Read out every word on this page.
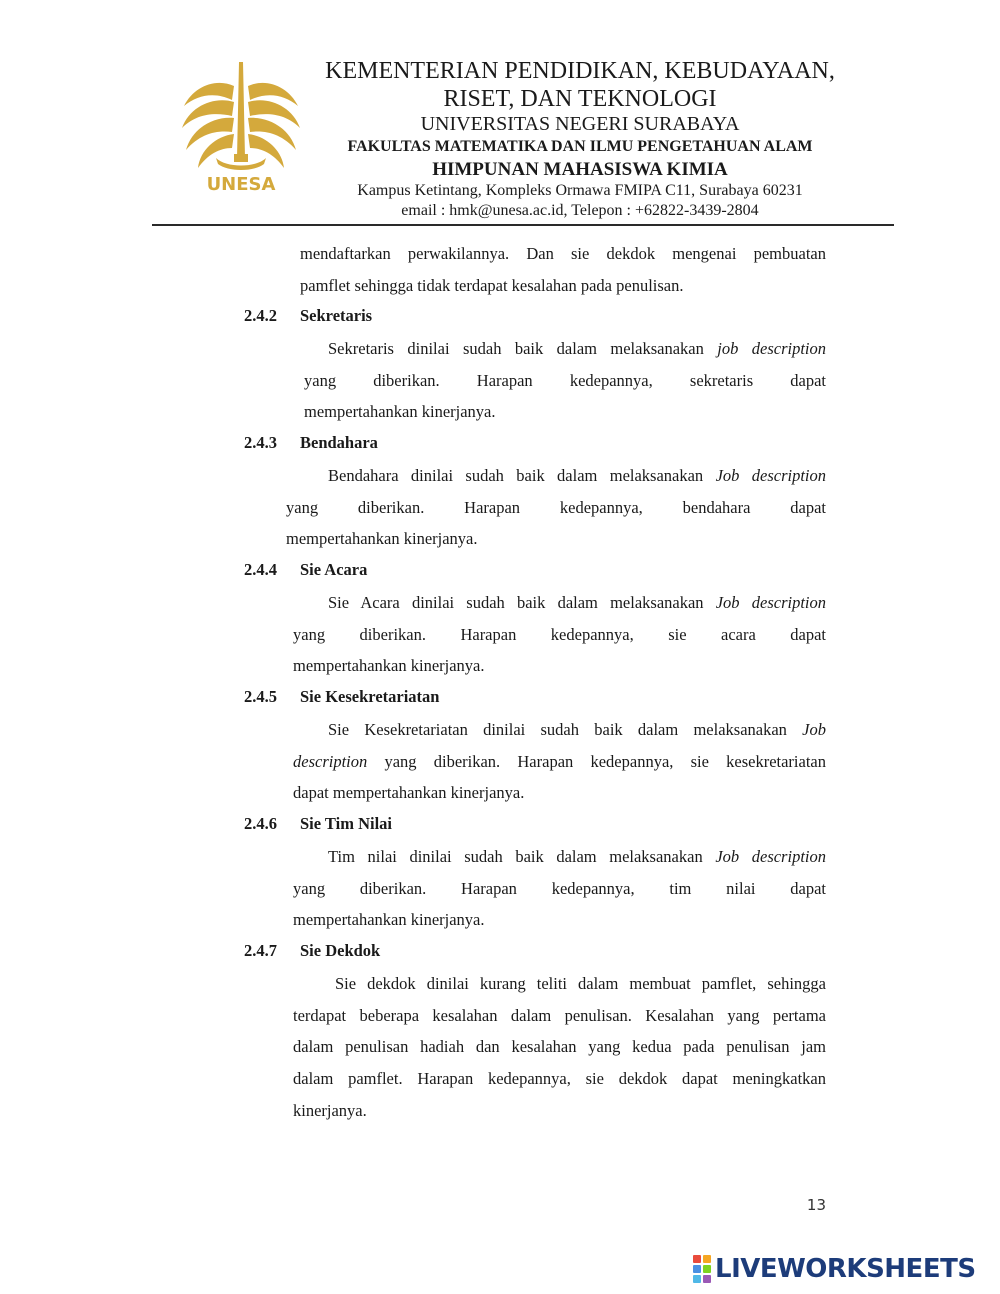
UNESA
KEMENTERIAN PENDIDIKAN, KEBUDAYAAN,
RISET, DAN TEKNOLOGI
UNIVERSITAS NEGERI SURABAYA
FAKULTAS MATEMATIKA DAN ILMU PENGETAHUAN ALAM
HIMPUNAN MAHASISWA KIMIA
Kampus Ketintang, Kompleks Ormawa FMIPA C11, Surabaya 60231
email : hmk@unesa.ac.id, Telepon : +62822-3439-2804
mendaftarkan perwakilannya. Dan sie dekdok mengenai pembuatan
pamflet sehingga tidak terdapat kesalahan pada penulisan.
2.4.2 Sekretaris
Sekretaris dinilai sudah baik dalam melaksanakan job description
yang diberikan. Harapan kedepannya, sekretaris dapat
mempertahankan kinerjanya.
2.4.3 Bendahara
Bendahara dinilai sudah baik dalam melaksanakan Job description
yang diberikan. Harapan kedepannya, bendahara dapat
mempertahankan kinerjanya.
2.4.4 Sie Acara
Sie Acara dinilai sudah baik dalam melaksanakan Job description
yang diberikan. Harapan kedepannya, sie acara dapat
mempertahankan kinerjanya.
2.4.5 Sie Kesekretariatan
Sie Kesekretariatan dinilai sudah baik dalam melaksanakan Job
description yang diberikan. Harapan kedepannya, sie kesekretariatan
dapat mempertahankan kinerjanya.
2.4.6 Sie Tim Nilai
Tim nilai dinilai sudah baik dalam melaksanakan Job description
yang diberikan. Harapan kedepannya, tim nilai dapat
mempertahankan kinerjanya.
2.4.7 Sie Dekdok
Sie dekdok dinilai kurang teliti dalam membuat pamflet, sehingga
terdapat beberapa kesalahan dalam penulisan. Kesalahan yang pertama
dalam penulisan hadiah dan kesalahan yang kedua pada penulisan jam
dalam pamflet. Harapan kedepannya, sie dekdok dapat meningkatkan
kinerjanya.
13
LIVEWORKSHEETS
